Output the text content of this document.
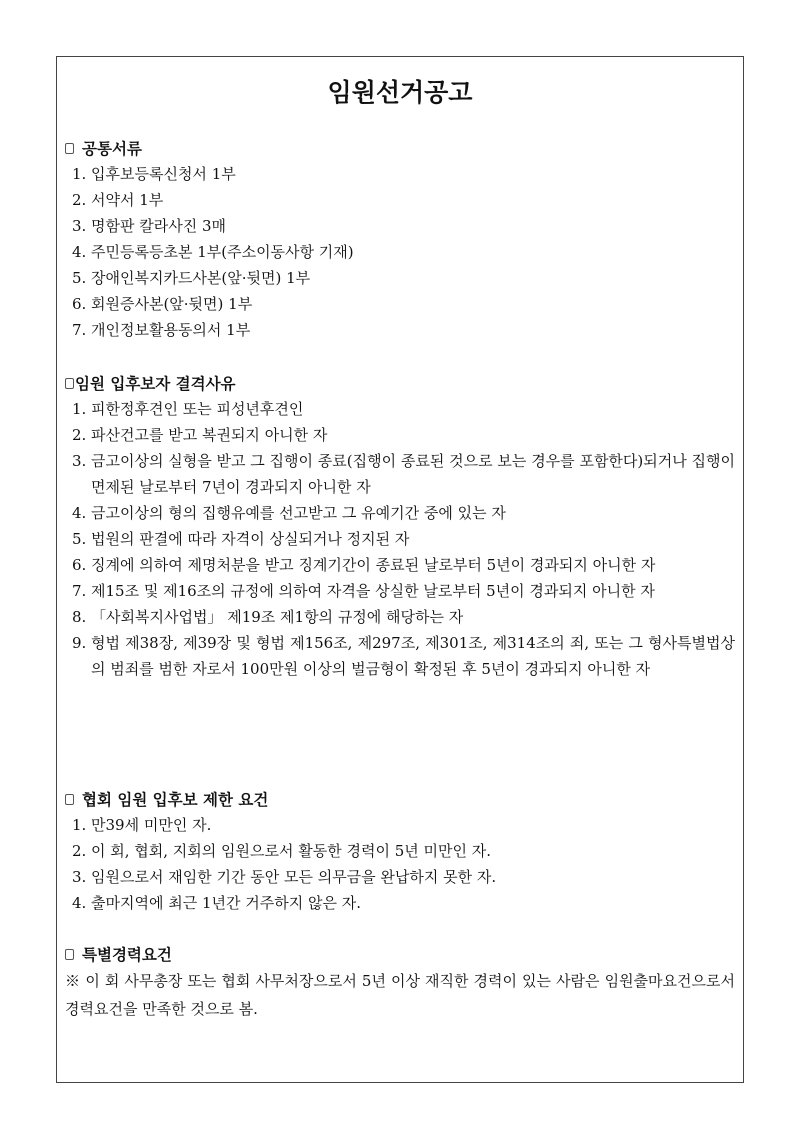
임원선거공고
공통서류
1. 입후보등록신청서 1부
2. 서약서 1부
3. 명함판 칼라사진 3매
4. 주민등록등초본 1부(주소이동사항 기재)
5. 장애인복지카드사본(앞·뒷면) 1부
6. 회원증사본(앞·뒷면) 1부
7. 개인정보활용동의서 1부
임원 입후보자 결격사유
1. 피한정후견인 또는 피성년후견인
2. 파산건고를 받고 복권되지 아니한 자
3. 금고이상의 실형을 받고 그 집행이 종료(집행이 종료된 것으로 보는 경우를 포함한다)되거나 집행이 면제된 날로부터 7년이 경과되지 아니한 자
4. 금고이상의 형의 집행유예를 선고받고 그 유예기간 중에 있는 자
5. 법원의 판결에 따라 자격이 상실되거나 정지된 자
6. 징계에 의하여 제명처분을 받고 징계기간이 종료된 날로부터 5년이 경과되지 아니한 자
7. 제15조 및 제16조의 규정에 의하여 자격을 상실한 날로부터 5년이 경과되지 아니한 자
8. 「사회복지사업법」 제19조 제1항의 규정에 해당하는 자
9. 형법 제38장, 제39장 및 형법 제156조, 제297조, 제301조, 제314조의 죄, 또는 그 형사특별법상의 범죄를 범한 자로서 100만원 이상의 벌금형이 확정된 후 5년이 경과되지 아니한 자
협회 임원 입후보 제한 요건
1. 만39세 미만인 자.
2. 이 회, 협회, 지회의 임원으로서 활동한 경력이 5년 미만인 자.
3. 임원으로서 재임한 기간 동안 모든 의무금을 완납하지 못한 자.
4. 출마지역에 최근 1년간 거주하지 않은 자.
특별경력요건
※ 이 회 사무총장 또는 협회 사무처장으로서 5년 이상 재직한 경력이 있는 사람은 임원출마요건으로서 경력요건을 만족한 것으로 봄.
